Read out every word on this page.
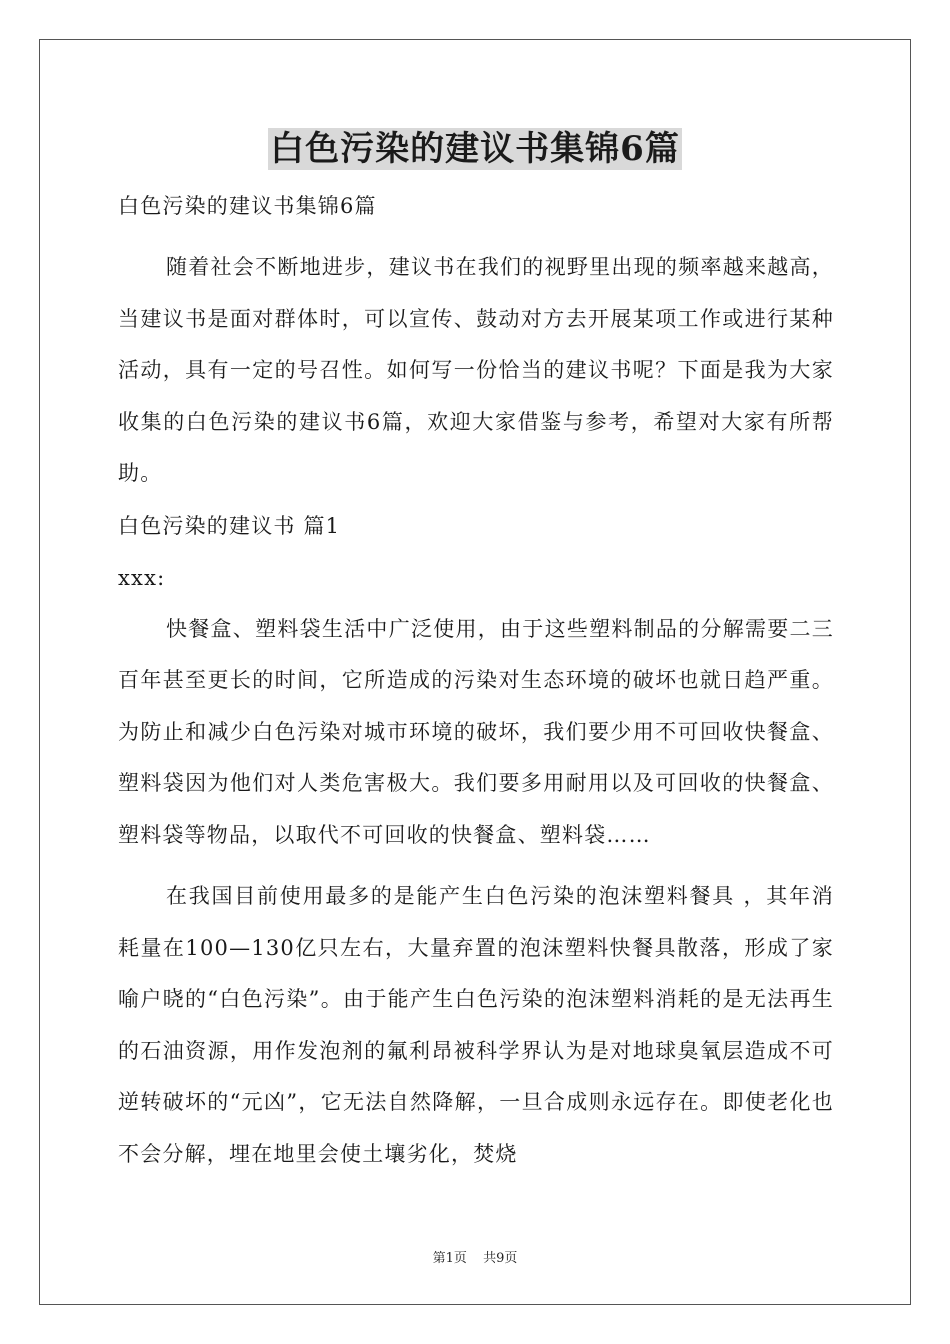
白色污染的建议书集锦6篇
白色污染的建议书集锦6篇
随着社会不断地进步，建议书在我们的视野里出现的频率越来越高，当建议书是面对群体时，可以宣传、鼓动对方去开展某项工作或进行某种活动，具有一定的号召性。如何写一份恰当的建议书呢？下面是我为大家收集的白色污染的建议书6篇，欢迎大家借鉴与参考，希望对大家有所帮助。
白色污染的建议书 篇1
xxx:
快餐盒、塑料袋生活中广泛使用，由于这些塑料制品的分解需要二三百年甚至更长的时间，它所造成的污染对生态环境的破坏也就日趋严重。为防止和减少白色污染对城市环境的破坏，我们要少用不可回收快餐盒、塑料袋因为他们对人类危害极大。我们要多用耐用以及可回收的快餐盒、塑料袋等物品，以取代不可回收的快餐盒、塑料袋……
在我国目前使用最多的是能产生白色污染的泡沫塑料餐具 ，其年消耗量在100—130亿只左右，大量弃置的泡沫塑料快餐具散落，形成了家喻户晓的“白色污染”。由于能产生白色污染的泡沫塑料消耗的是无法再生的石油资源，用作发泡剂的氟利昂被科学界认为是对地球臭氧层造成不可逆转破坏的“元凶”，它无法自然降解，一旦合成则永远存在。即使老化也不会分解，埋在地里会使土壤劣化，焚烧
第1页 共9页
